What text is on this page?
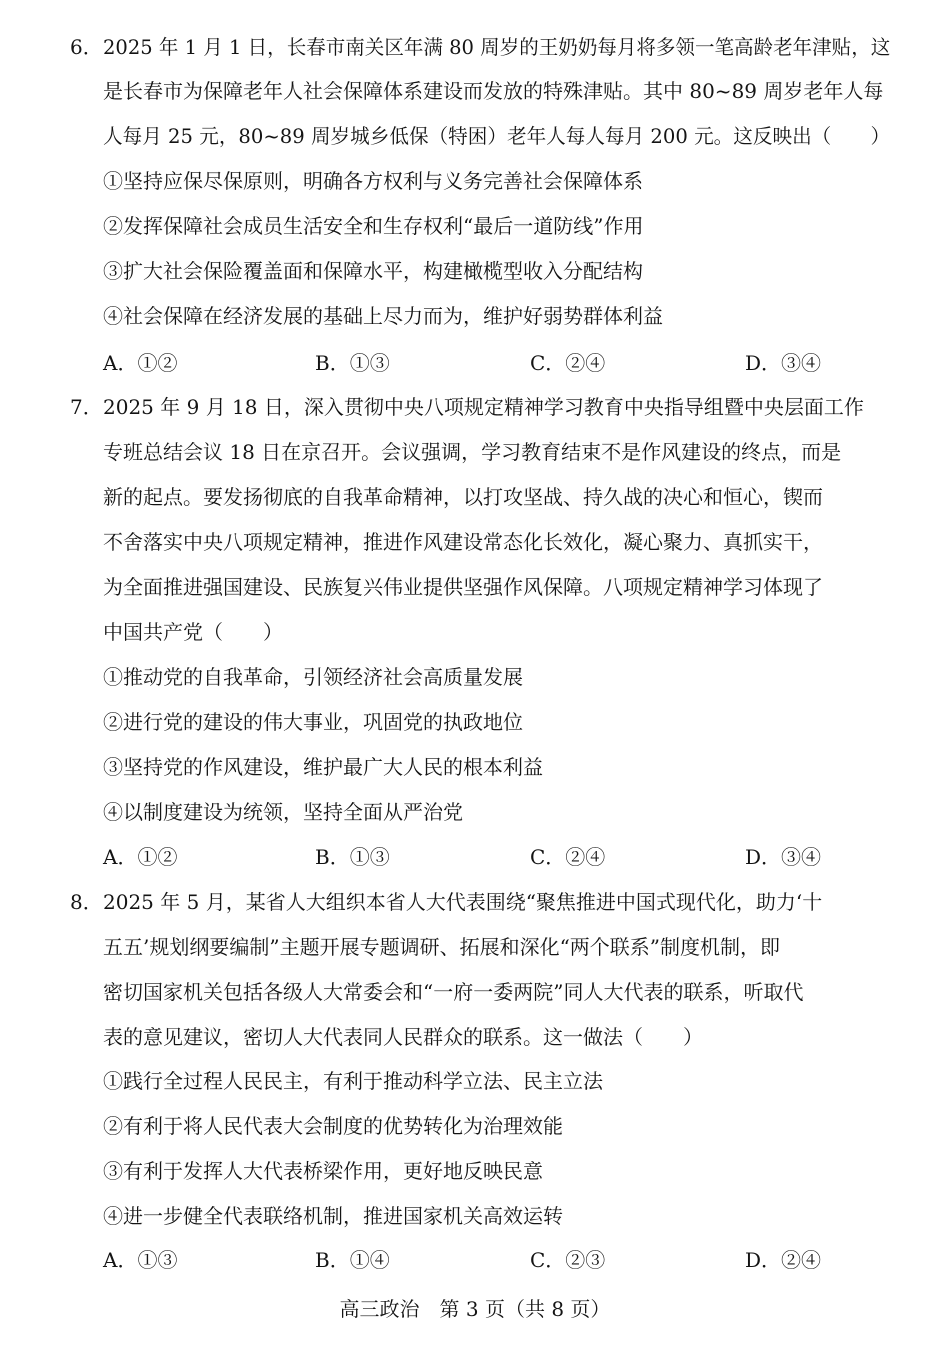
6． 2025 年 1 月 1 日，长春市南关区年满 80 周岁的王奶奶每月将多领一笔高龄老年津贴，这
是长春市为保障老年人社会保障体系建设而发放的特殊津贴。其中 80~89 周岁老年人每
人每月 25 元，80~89 周岁城乡低保（特困）老年人每人每月 200 元。这反映出（　　）
①坚持应保尽保原则，明确各方权利与义务完善社会保障体系
②发挥保障社会成员生活安全和生存权利“最后一道防线”作用
③扩大社会保险覆盖面和保障水平，构建橄榄型收入分配结构
④社会保障在经济发展的基础上尽力而为，维护好弱势群体利益
A．①②	B．①③	C．②④	D．③④
7． 2025 年 9 月 18 日，深入贯彻中央八项规定精神学习教育中央指导组暨中央层面工作
专班总结会议 18 日在京召开。会议强调，学习教育结束不是作风建设的终点，而是
新的起点。要发扬彻底的自我革命精神，以打攻坚战、持久战的决心和恒心，锲而
不舍落实中央八项规定精神，推进作风建设常态化长效化，凝心聚力、真抓实干，
为全面推进强国建设、民族复兴伟业提供坚强作风保障。八项规定精神学习体现了
中国共产党（　　）
①推动党的自我革命，引领经济社会高质量发展
②进行党的建设的伟大事业，巩固党的执政地位
③坚持党的作风建设，维护最广大人民的根本利益
④以制度建设为统领，坚持全面从严治党
A．①②	B．①③	C．②④	D．③④
8． 2025 年 5 月，某省人大组织本省人大代表围绕“聚焦推进中国式现代化，助力‘十
五五’规划纲要编制”主题开展专题调研、拓展和深化“两个联系”制度机制，即
密切国家机关包括各级人大常委会和“一府一委两院”同人大代表的联系，听取代
表的意见建议，密切人大代表同人民群众的联系。这一做法（　　）
①践行全过程人民民主，有利于推动科学立法、民主立法
②有利于将人民代表大会制度的优势转化为治理效能
③有利于发挥人大代表桥梁作用，更好地反映民意
④进一步健全代表联络机制，推进国家机关高效运转
A．①③	B．①④	C．②③	D．②④
高三政治　第 3 页（共 8 页）
